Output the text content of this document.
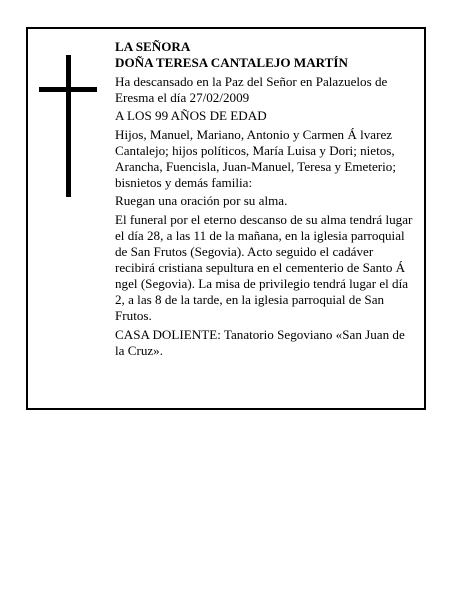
LA SEÑORA

DOÑA TERESA CANTALEJO MARTÍN

Ha descansado en la Paz del Señor en Palazuelos de Eresma el día 27/02/2009

A LOS 99 AÑOS DE EDAD

Hijos, Manuel, Mariano, Antonio y Carmen Á lvarez Cantalejo; hijos políticos, María Luisa y Dori; nietos, Arancha, Fuencisla, Juan-Manuel, Teresa y Emeterio; bisnietos y demás familia:

Ruegan una oración por su alma.

El funeral por el eterno descanso de su alma tendrá lugar el día 28, a las 11 de la mañana, en la iglesia parroquial de San Frutos (Segovia). Acto seguido el cadáver recibirá cristiana sepultura en el cementerio de Santo Á ngel (Segovia). La misa de privilegio tendrá lugar el día 2, a las 8 de la tarde, en la iglesia parroquial de San Frutos.

CASA DOLIENTE: Tanatorio Segoviano «San Juan de la Cruz».
